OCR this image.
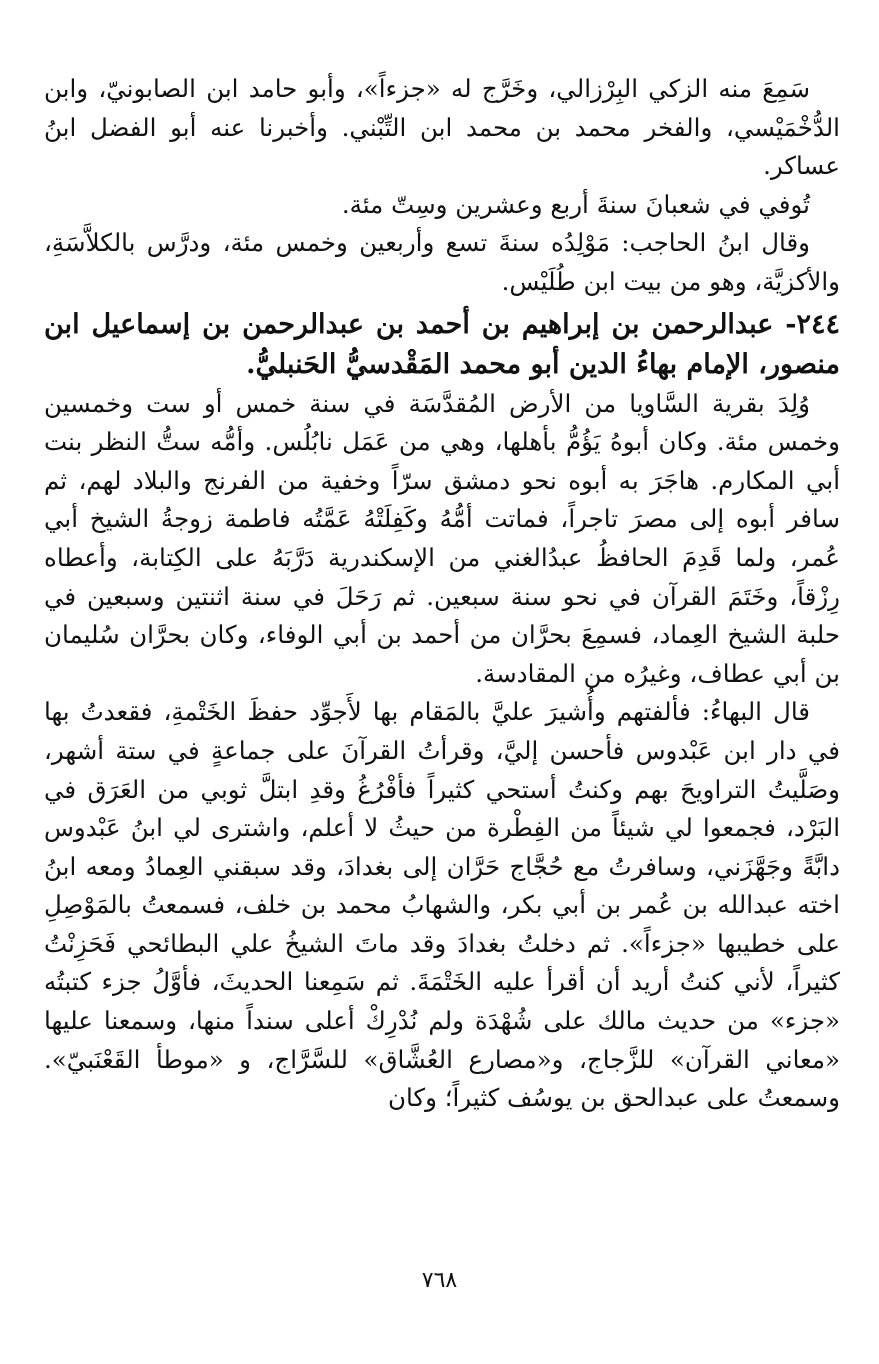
سَمِعَ منه الزكي البِرْزالي، وخَرَّج له «جزءاً»، وأبو حامد ابن الصابونيّ، وابن الدُّخْمَيْسي، والفخر محمد بن محمد ابن التِّبْني. وأخبرنا عنه أبو الفضل ابنُ عساكر.

تُوفي في شعبانَ سنةَ أربع وعشرين وسِتّ مئة.

وقال ابنُ الحاجب: مَوْلِدُه سنةَ تسع وأربعين وخمس مئة، ودرَّس بالكلاَّسَةِ، والأكزيَّة، وهو من بيت ابن طُلَيْس.

٢٤٤- عبدالرحمن بن إبراهيم بن أحمد بن عبدالرحمن بن إسماعيل ابن منصور، الإمام بهاءُ الدين أبو محمد المَقْدسيُّ الحَنبليُّ.

وُلِدَ بقرية السَّاويا من الأرض المُقدَّسَة في سنة خمس أو ست وخمسين وخمس مئة. وكان أبوهُ يَؤُمُّ بأهلها، وهي من عَمَل نابُلُس. وأمُّه ستُّ النظر بنت أبي المكارم. هاجَرَ به أبوه نحو دمشق سرّاً وخفية من الفرنج والبلاد لهم، ثم سافر أبوه إلى مصرَ تاجراً، فماتت أمُّهُ وكَفِلَتْهُ عَمَّتُه فاطمة زوجةُ الشيخ أبي عُمر، ولما قَدِمَ الحافظُ عبدُالغني من الإسكندرية دَرَّبَهُ على الكِتابة، وأعطاه رِزْقاً، وخَتَمَ القرآن في نحو سنة سبعين. ثم رَحَلَ في سنة اثنتين وسبعين في حلبة الشيخ العِماد، فسمِعَ بحرَّان من أحمد بن أبي الوفاء، وكان بحرَّان سُليمان بن أبي عطاف، وغيرُه من المقادسة.

قال البهاءُ: فألفتهم وأُشيرَ عليَّ بالمَقام بها لأَجوِّد حفظَ الخَتْمةِ، فقعدتُ بها في دار ابن عَبْدوس فأحسن إليَّ، وقرأتُ القرآنَ على جماعةٍ في ستة أشهر، وصَلَّيتُ التراويحَ بهم وكنتُ أستحي كثيراً فأفْرُغُ وقدِ ابتلَّ ثوبي من العَرَق في البَرْد، فجمعوا لي شيئاً من الفِطْرة من حيثُ لا أعلم، واشترى لي ابنُ عَبْدوس دابَّةً وجَهَّزَني، وسافرتُ مع حُجَّاج حَرَّان إلى بغدادَ، وقد سبقني العِمادُ ومعه ابنُ اخته عبدالله بن عُمر بن أبي بكر، والشهابُ محمد بن خلف، فسمعتُ بالمَوْصِلِ على خطيبها «جزءاً». ثم دخلتُ بغدادَ وقد ماتَ الشيخُ علي البطائحي فَحَزِنْتُ كثيراً، لأني كنتُ أريد أن أقرأ عليه الخَتْمَةَ. ثم سَمِعنا الحديثَ، فأوَّلُ جزء كتبتُه «جزء» من حديث مالك على شُهْدَة ولم نُدْرِكْ أعلى سنداً منها، وسمعنا عليها «معاني القرآن» للزَّجاج، و«مصارع العُشَّاق» للسَّرَّاج، و «موطأ القَعْنَبيّ». وسمعتُ على عبدالحق بن يوسُف كثيراً؛ وكان

٧٦٨
